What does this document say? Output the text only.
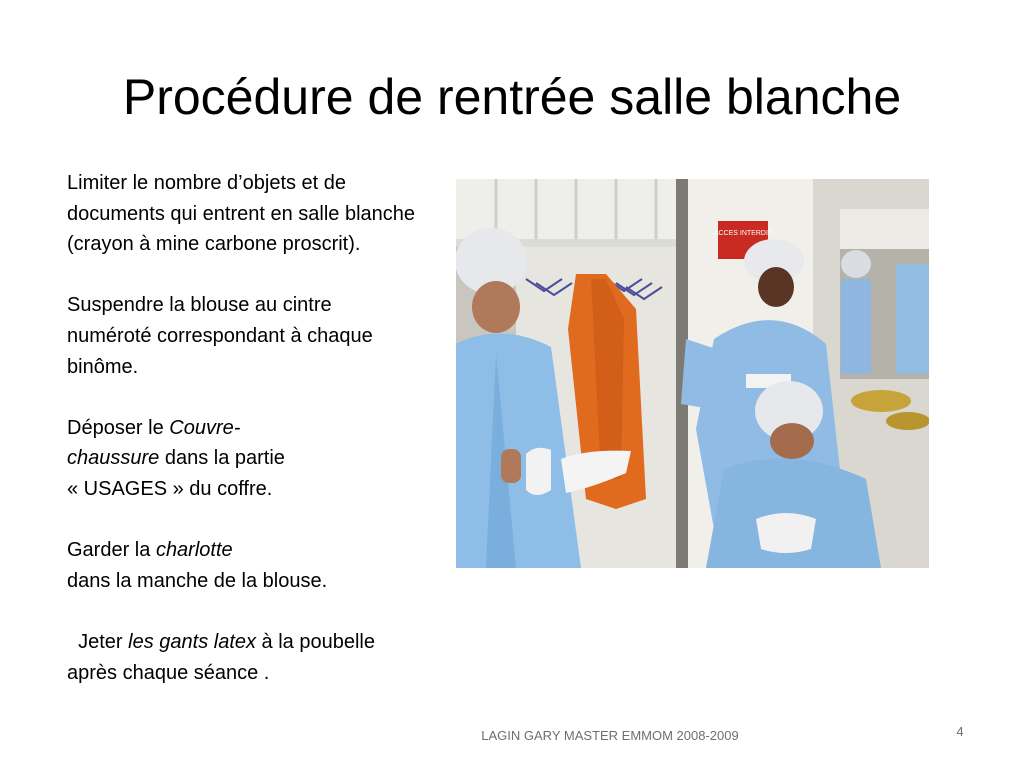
Procédure de rentrée salle blanche

Limiter le nombre d’objets et de documents qui entrent en salle blanche (crayon à mine carbone proscrit).

Suspendre la blouse au cintre numéroté correspondant à chaque binôme.

Déposer le Couvre-
chaussure dans la partie
« USAGES » du coffre.

Garder la charlotte
dans la manche de la blouse.

Jeter les gants latex à la poubelle après chaque séance .

ACCES INTERDIT
LAGIN GARY MASTER EMMOM 2008-2009	4
